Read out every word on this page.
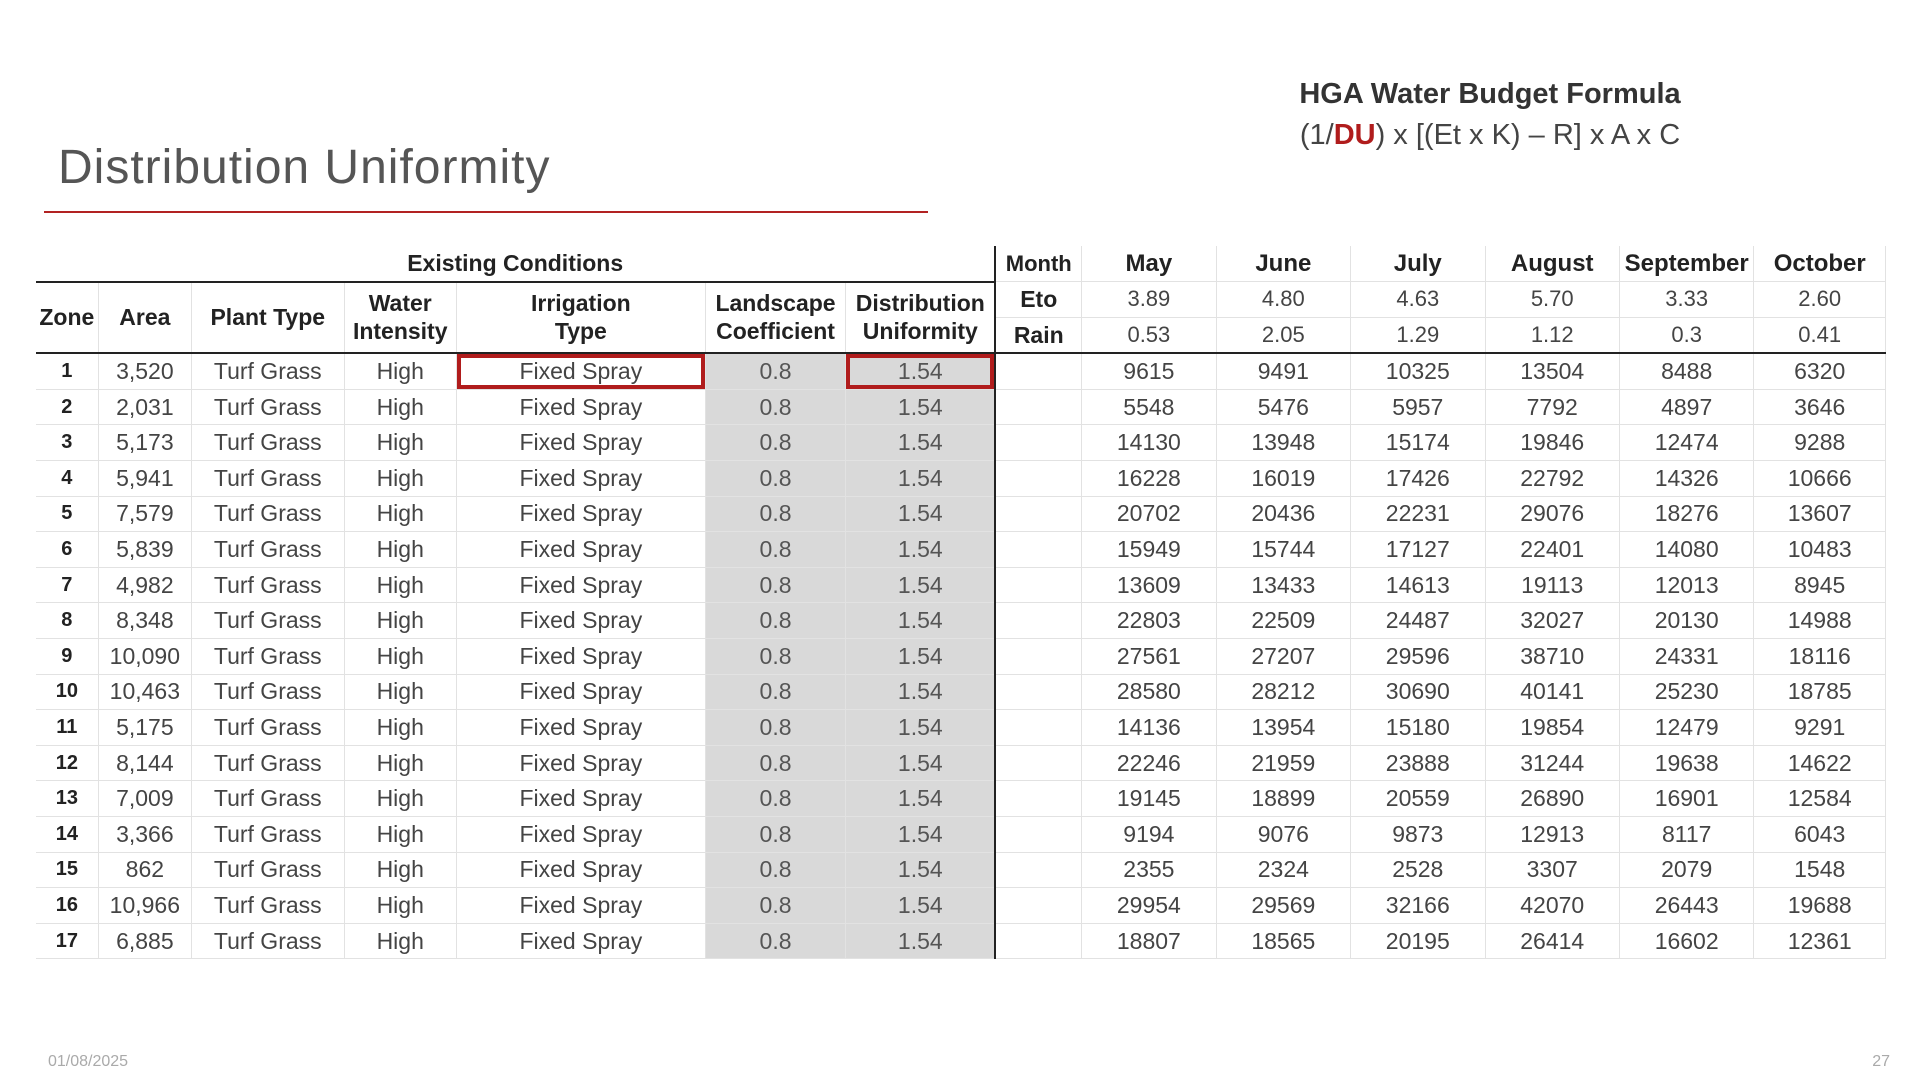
Distribution Uniformity
HGA Water Budget Formula
(1/DU) x [(Et x K) – R] x A x C
Existing Conditions							Month	May	June	July	August	September	October
Zone	Area	Plant Type	Water Intensity	Irrigation Type	Landscape Coefficient	Distribution Uniformity	Eto	3.89	4.80	4.63	5.70	3.33	2.60
							Rain	0.53	2.05	1.29	1.12	0.3	0.41
1	3,520	Turf Grass	High	Fixed Spray	0.8	1.54		9615	9491	10325	13504	8488	6320
2	2,031	Turf Grass	High	Fixed Spray	0.8	1.54		5548	5476	5957	7792	4897	3646
3	5,173	Turf Grass	High	Fixed Spray	0.8	1.54		14130	13948	15174	19846	12474	9288
4	5,941	Turf Grass	High	Fixed Spray	0.8	1.54		16228	16019	17426	22792	14326	10666
5	7,579	Turf Grass	High	Fixed Spray	0.8	1.54		20702	20436	22231	29076	18276	13607
6	5,839	Turf Grass	High	Fixed Spray	0.8	1.54		15949	15744	17127	22401	14080	10483
7	4,982	Turf Grass	High	Fixed Spray	0.8	1.54		13609	13433	14613	19113	12013	8945
8	8,348	Turf Grass	High	Fixed Spray	0.8	1.54		22803	22509	24487	32027	20130	14988
9	10,090	Turf Grass	High	Fixed Spray	0.8	1.54		27561	27207	29596	38710	24331	18116
10	10,463	Turf Grass	High	Fixed Spray	0.8	1.54		28580	28212	30690	40141	25230	18785
11	5,175	Turf Grass	High	Fixed Spray	0.8	1.54		14136	13954	15180	19854	12479	9291
12	8,144	Turf Grass	High	Fixed Spray	0.8	1.54		22246	21959	23888	31244	19638	14622
13	7,009	Turf Grass	High	Fixed Spray	0.8	1.54		19145	18899	20559	26890	16901	12584
14	3,366	Turf Grass	High	Fixed Spray	0.8	1.54		9194	9076	9873	12913	8117	6043
15	862	Turf Grass	High	Fixed Spray	0.8	1.54		2355	2324	2528	3307	2079	1548
16	10,966	Turf Grass	High	Fixed Spray	0.8	1.54		29954	29569	32166	42070	26443	19688
17	6,885	Turf Grass	High	Fixed Spray	0.8	1.54		18807	18565	20195	26414	16602	12361
01/08/2025	27
